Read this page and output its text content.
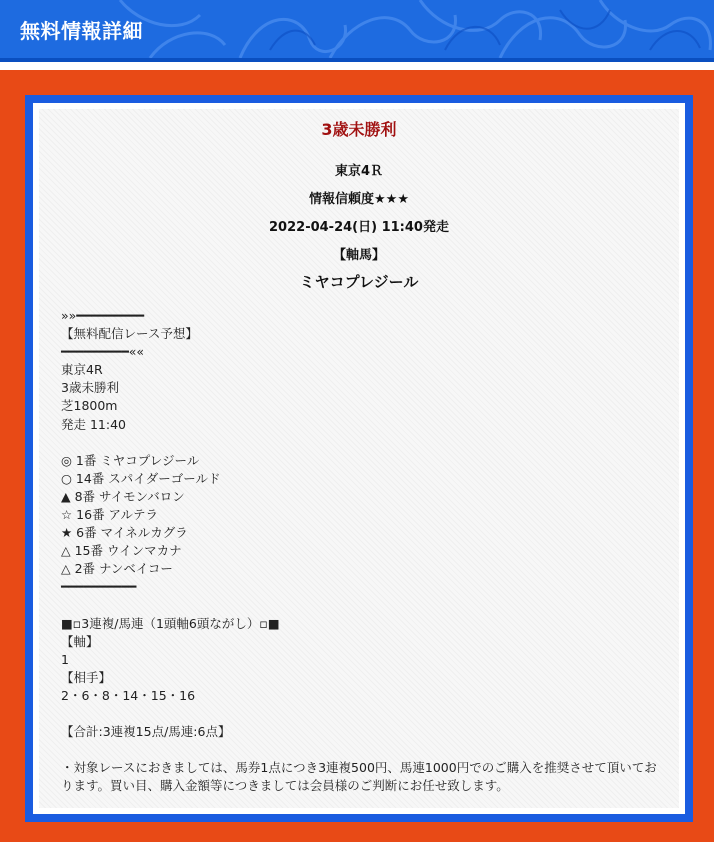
無料情報詳細
3歳未勝利
東京4Ｒ
情報信頼度★★★
2022-04-24(日) 11:40発走
【軸馬】
ミヤコプレジール
»»━━━━━━━━━
【無料配信レース予想】
━━━━━━━━━««
東京4R
3歳未勝利
芝1800m
発走 11:40

◎ 1番 ミヤコプレジール
○ 14番 スパイダーゴールド
▲ 8番 サイモンバロン
☆ 16番 アルテラ
★ 6番 マイネルカグラ
△ 15番 ウインマカナ
△ 2番 ナンベイコー
━━━━━━━━━━

■▫3連複/馬連（1頭軸6頭ながし）▫■
【軸】
1
【相手】
2・6・8・14・15・16

【合計:3連複15点/馬連:6点】

・対象レースにおきましては、馬券1点につき3連複500円、馬連1000円でのご購入を推奨させて頂いております。買い目、購入金額等につきましては会員様のご判断にお任せ致します。
